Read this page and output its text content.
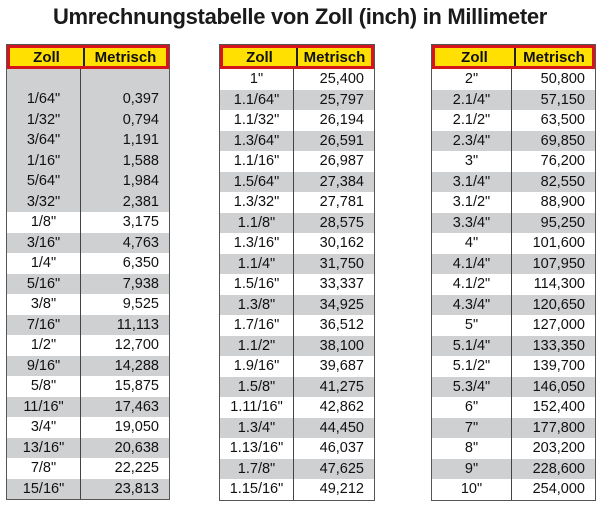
Umrechnungstabelle von Zoll (inch) in Millimeter
Zoll	Metrisch
1/64"	0,397
1/32"	0,794
3/64"	1,191
1/16"	1,588
5/64"	1,984
3/32"	2,381
1/8"	3,175
3/16"	4,763
1/4"	6,350
5/16"	7,938
3/8"	9,525
7/16"	11,113
1/2"	12,700
9/16"	14,288
5/8"	15,875
11/16"	17,463
3/4"	19,050
13/16"	20,638
7/8"	22,225
15/16"	23,813
Zoll	Metrisch
1"	25,400
1.1/64"	25,797
1.1/32"	26,194
1.3/64"	26,591
1.1/16"	26,987
1.5/64"	27,384
1.3/32"	27,781
1.1/8"	28,575
1.3/16"	30,162
1.1/4"	31,750
1.5/16"	33,337
1.3/8"	34,925
1.7/16"	36,512
1.1/2"	38,100
1.9/16"	39,687
1.5/8"	41,275
1.11/16"	42,862
1.3/4"	44,450
1.13/16"	46,037
1.7/8"	47,625
1.15/16"	49,212
Zoll	Metrisch
2"	50,800
2.1/4"	57,150
2.1/2"	63,500
2.3/4"	69,850
3"	76,200
3.1/4"	82,550
3.1/2"	88,900
3.3/4"	95,250
4"	101,600
4.1/4"	107,950
4.1/2"	114,300
4.3/4"	120,650
5"	127,000
5.1/4"	133,350
5.1/2"	139,700
5.3/4"	146,050
6"	152,400
7"	177,800
8"	203,200
9"	228,600
10"	254,000
